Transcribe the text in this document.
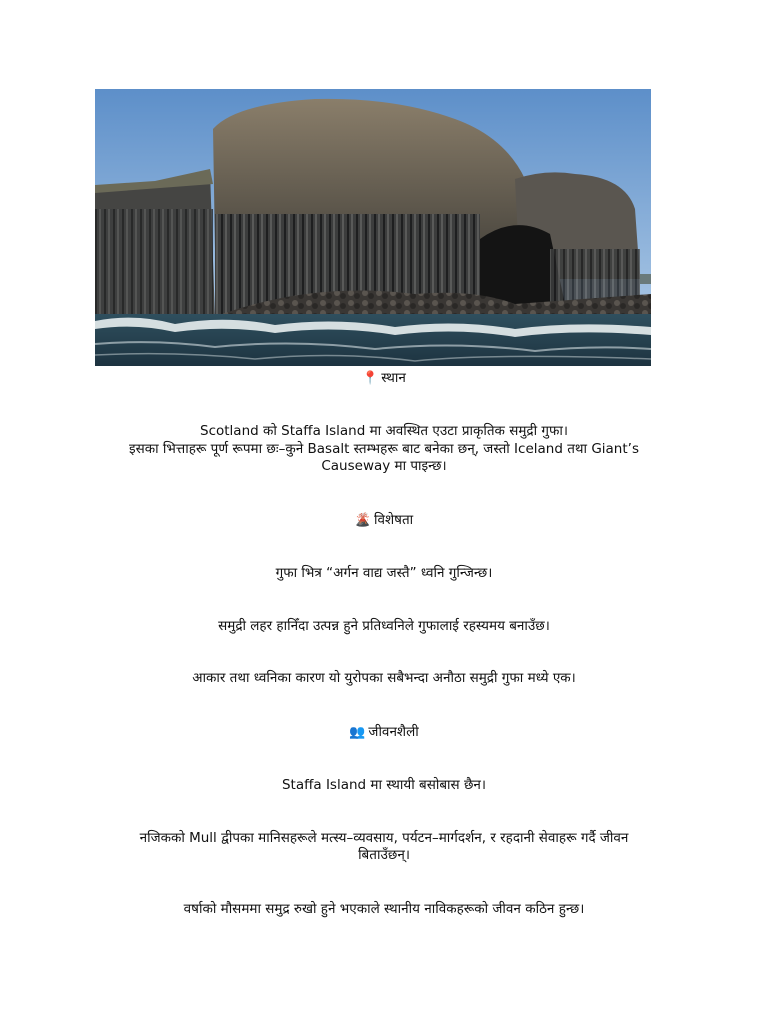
📍 स्थान

Scotland को Staffa Island मा अवस्थित एउटा प्राकृतिक समुद्री गुफा।

इसका भित्ताहरू पूर्ण रूपमा छः–कुने Basalt स्तम्भहरू बाट बनेका छन्, जस्तो Iceland तथा Giant’s

Causeway मा पाइन्छ।

🌋 विशेषता

गुफा भित्र “अर्गन वाद्य जस्तै” ध्वनि गुन्जिन्छ।

समुद्री लहर हानिँदा उत्पन्न हुने प्रतिध्वनिले गुफालाई रहस्यमय बनाउँछ।

आकार तथा ध्वनिका कारण यो युरोपका सबैभन्दा अनौठा समुद्री गुफा मध्ये एक।

👥 जीवनशैली

Staffa Island मा स्थायी बसोबास छैन।

नजिकको Mull द्वीपका मानिसहरूले मत्स्य–व्यवसाय, पर्यटन–मार्गदर्शन, र रहदानी सेवाहरू गर्दै जीवन

बिताउँछन्।

वर्षाको मौसममा समुद्र रुखो हुने भएकाले स्थानीय नाविकहरूको जीवन कठिन हुन्छ।
